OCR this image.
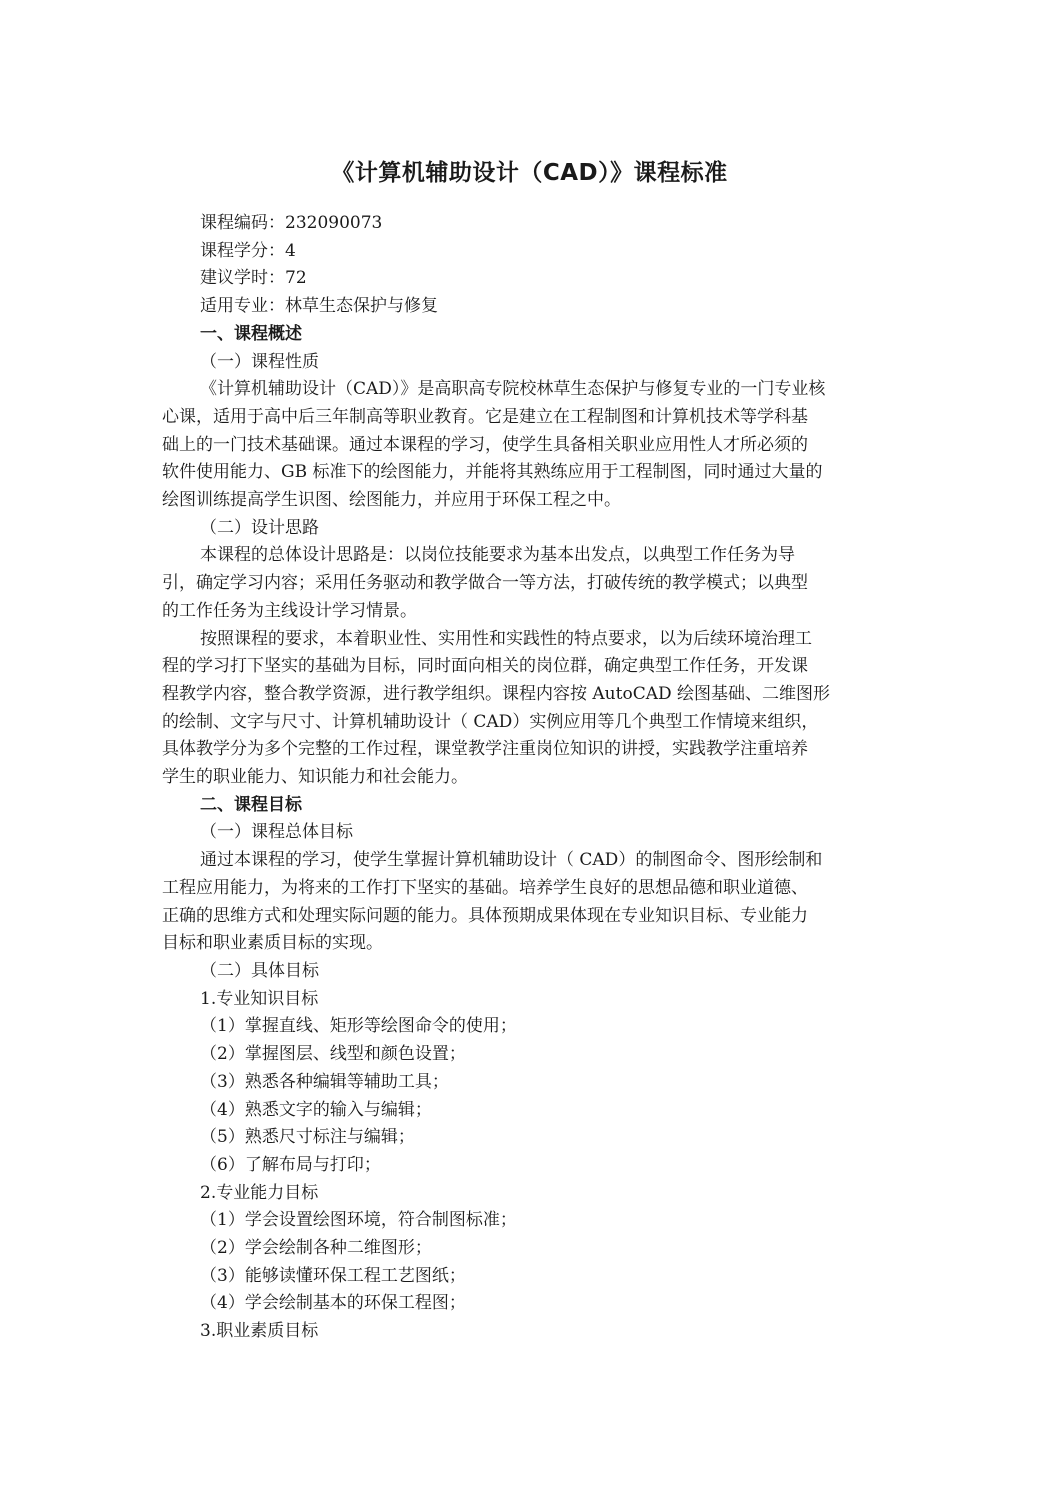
《计算机辅助设计（CAD）》课程标准

课程编码：232090073

课程学分：4

建议学时：72

适用专业：林草生态保护与修复

一、课程概述

（一）课程性质

《计算机辅助设计（CAD）》是高职高专院校林草生态保护与修复专业的一门专业核

心课，适用于高中后三年制高等职业教育。它是建立在工程制图和计算机技术等学科基

础上的一门技术基础课。通过本课程的学习，使学生具备相关职业应用性人才所必须的

软件使用能力、GB 标准下的绘图能力，并能将其熟练应用于工程制图，同时通过大量的

绘图训练提高学生识图、绘图能力，并应用于环保工程之中。

（二）设计思路

本课程的总体设计思路是：以岗位技能要求为基本出发点，以典型工作任务为导

引，确定学习内容；采用任务驱动和教学做合一等方法，打破传统的教学模式；以典型

的工作任务为主线设计学习情景。

按照课程的要求，本着职业性、实用性和实践性的特点要求，以为后续环境治理工

程的学习打下坚实的基础为目标，同时面向相关的岗位群，确定典型工作任务，开发课

程教学内容，整合教学资源，进行教学组织。课程内容按 AutoCAD 绘图基础、二维图形

的绘制、文字与尺寸、计算机辅助设计（ CAD）实例应用等几个典型工作情境来组织，

具体教学分为多个完整的工作过程，课堂教学注重岗位知识的讲授，实践教学注重培养

学生的职业能力、知识能力和社会能力。

二、课程目标

（一）课程总体目标

通过本课程的学习，使学生掌握计算机辅助设计（ CAD）的制图命令、图形绘制和

工程应用能力，为将来的工作打下坚实的基础。培养学生良好的思想品德和职业道德、

正确的思维方式和处理实际问题的能力。具体预期成果体现在专业知识目标、专业能力

目标和职业素质目标的实现。

（二）具体目标

1.专业知识目标

（1）掌握直线、矩形等绘图命令的使用；

（2）掌握图层、线型和颜色设置；

（3）熟悉各种编辑等辅助工具；

（4）熟悉文字的输入与编辑；

（5）熟悉尺寸标注与编辑；

（6）了解布局与打印；

2.专业能力目标

（1）学会设置绘图环境，符合制图标准；

（2）学会绘制各种二维图形；

（3）能够读懂环保工程工艺图纸；

（4）学会绘制基本的环保工程图；

3.职业素质目标
